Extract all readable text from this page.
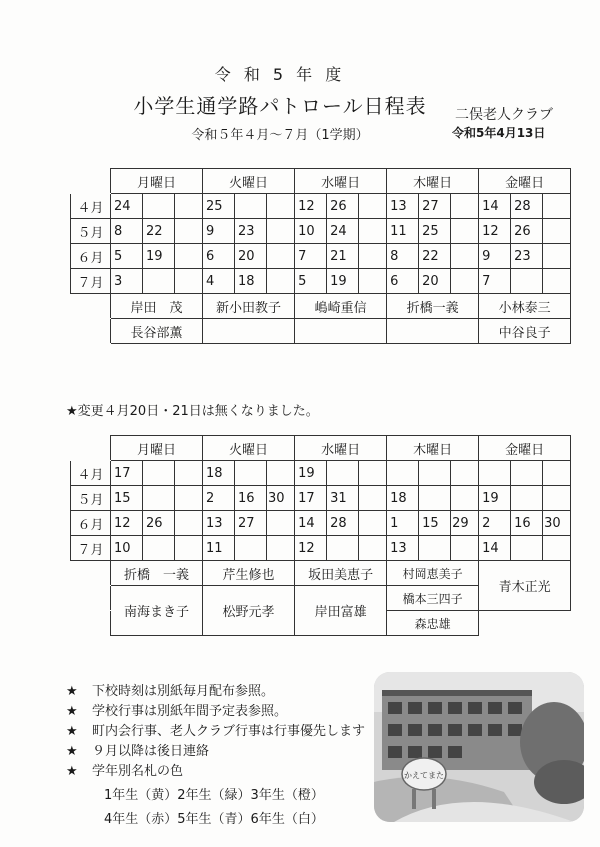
令 和 5 年 度
小学生通学路パトロール日程表
令和５年４月～７月（1学期）
二俣老人クラブ
令和5年4月13日
	月曜日			火曜日			水曜日			木曜日			金曜日		
４月	24			25			12	26		13	27		14	28	
５月	8	22		9	23		10	24		11	25		12	26	
６月	5	19		6	20		7	21		8	22		9	23	
７月	3			4	18		5	19		6	20		7		
	岸田　茂			新小田教子			嶋崎重信			折橋一義			小林泰三		
	長谷部薫												中谷良子		
★変更４月20日・21日は無くなりました。
	月曜日			火曜日			水曜日			木曜日			金曜日		
４月	17			18			19								
５月	15			2	16	30	17	31		18			19		
６月	12	26		13	27		14	28		1	15	29	2	16	30
７月	10			11			12			13			14		
	折橋　一義			芹生修也			坂田美恵子			村岡恵美子			青木正光		
	南海まき子			松野元孝			岸田富雄			橋本三四子					
										森忠雄					
★	下校時刻は別紙毎月配布参照。
★	学校行事は別紙年間予定表参照。
★	町内会行事、老人クラブ行事は行事優先します
★	９月以降は後日連絡
★	学年別名札の色
1年生（黄）2年生（緑）3年生（橙）
4年生（赤）5年生（青）6年生（白）
かえてまた
